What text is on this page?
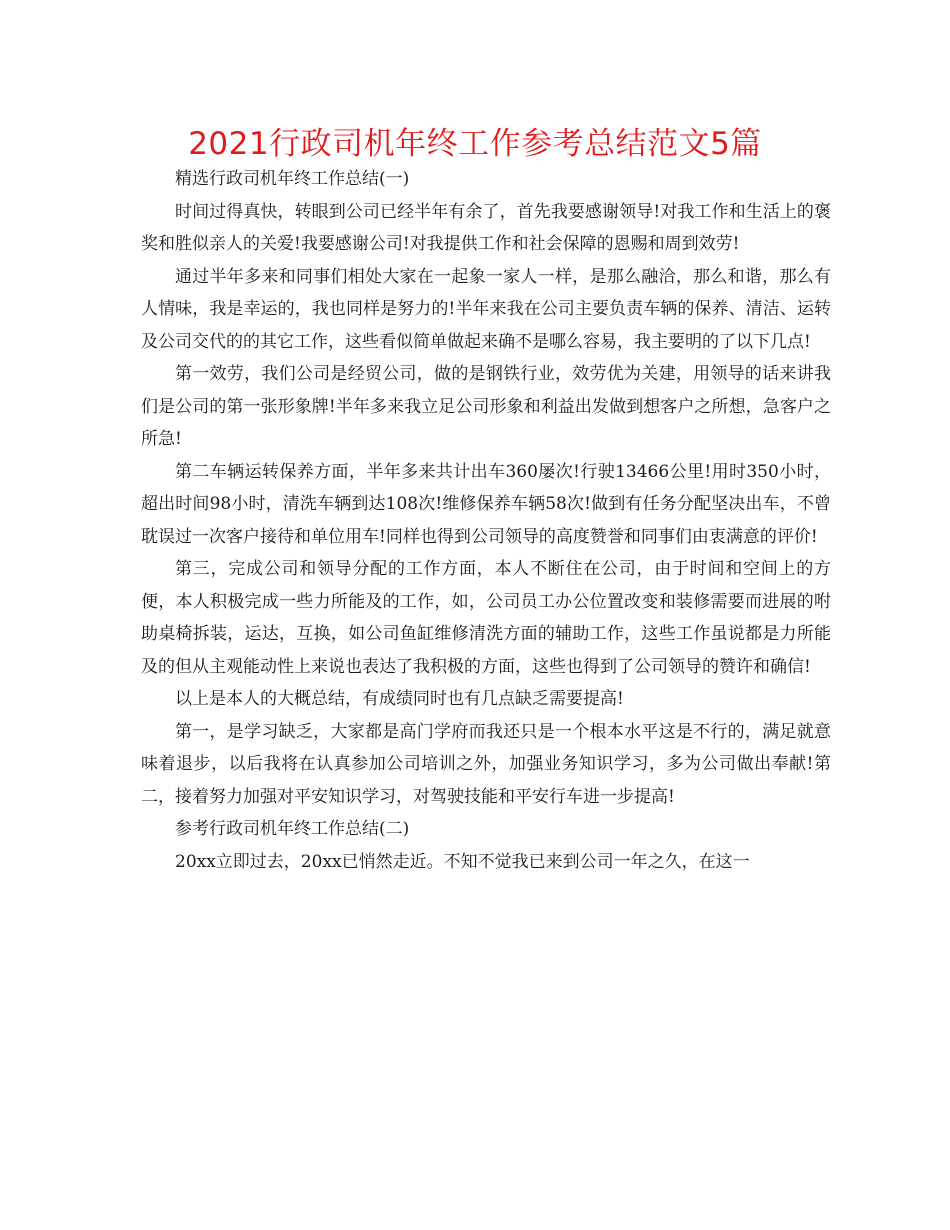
2021行政司机年终工作参考总结范文5篇

精选行政司机年终工作总结(一)

时间过得真快，转眼到公司已经半年有余了，首先我要感谢领导!对我工作和生活上的褒奖和胜似亲人的关爱!我要感谢公司!对我提供工作和社会保障的恩赐和周到效劳!

通过半年多来和同事们相处大家在一起象一家人一样，是那么融洽，那么和谐，那么有人情味，我是幸运的，我也同样是努力的!半年来我在公司主要负责车辆的保养、清洁、运转及公司交代的的其它工作，这些看似简单做起来确不是哪么容易，我主要明的了以下几点!

第一效劳，我们公司是经贸公司，做的是钢铁行业，效劳优为关建，用领导的话来讲我们是公司的第一张形象牌!半年多来我立足公司形象和利益出发做到想客户之所想，急客户之所急!

第二车辆运转保养方面，半年多来共计出车360屡次!行驶13466公里!用时350小时，超出时间98小时，清洗车辆到达108次!维修保养车辆58次!做到有任务分配坚决出车，不曾耽误过一次客户接待和单位用车!同样也得到公司领导的高度赞誉和同事们由衷满意的评价!

第三，完成公司和领导分配的工作方面，本人不断住在公司，由于时间和空间上的方便，本人积极完成一些力所能及的工作，如，公司员工办公位置改变和装修需要而进展的咐助桌椅拆装，运达，互换，如公司鱼缸维修清洗方面的辅助工作，这些工作虽说都是力所能及的但从主观能动性上来说也表达了我积极的方面，这些也得到了公司领导的赞许和确信!

以上是本人的大概总结，有成绩同时也有几点缺乏需要提高!

第一，是学习缺乏，大家都是高门学府而我还只是一个根本水平这是不行的，满足就意味着退步，以后我将在认真参加公司培训之外，加强业务知识学习，多为公司做出奉献!第二，接着努力加强对平安知识学习，对驾驶技能和平安行车进一步提高!

参考行政司机年终工作总结(二)

20xx立即过去，20xx已悄然走近。不知不觉我已来到公司一年之久，在这一
